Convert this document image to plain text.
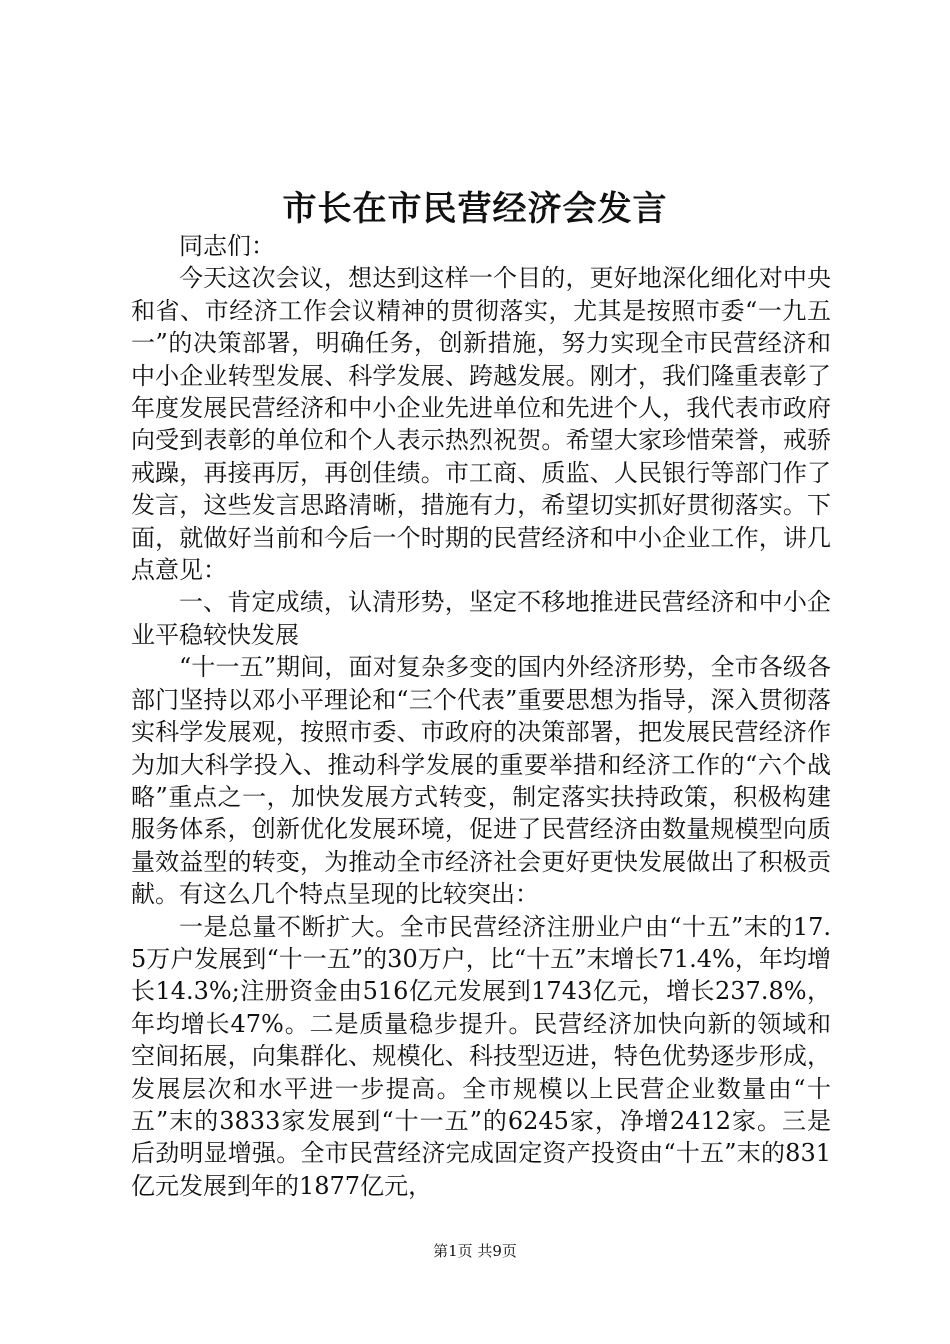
市长在市民营经济会发言

同志们：

今天这次会议，想达到这样一个目的，更好地深化细化对中央和省、市经济工作会议精神的贯彻落实，尤其是按照市委“一九五一”的决策部署，明确任务，创新措施，努力实现全市民营经济和中小企业转型发展、科学发展、跨越发展。刚才，我们隆重表彰了年度发展民营经济和中小企业先进单位和先进个人，我代表市政府向受到表彰的单位和个人表示热烈祝贺。希望大家珍惜荣誉，戒骄戒躁，再接再厉，再创佳绩。市工商、质监、人民银行等部门作了发言，这些发言思路清晰，措施有力，希望切实抓好贯彻落实。下面，就做好当前和今后一个时期的民营经济和中小企业工作，讲几点意见：

一、肯定成绩，认清形势，坚定不移地推进民营经济和中小企业平稳较快发展

“十一五”期间，面对复杂多变的国内外经济形势，全市各级各部门坚持以邓小平理论和“三个代表”重要思想为指导，深入贯彻落实科学发展观，按照市委、市政府的决策部署，把发展民营经济作为加大科学投入、推动科学发展的重要举措和经济工作的“六个战略”重点之一，加快发展方式转变，制定落实扶持政策，积极构建服务体系，创新优化发展环境，促进了民营经济由数量规模型向质量效益型的转变，为推动全市经济社会更好更快发展做出了积极贡献。有这么几个特点呈现的比较突出：

一是总量不断扩大。全市民营经济注册业户由“十五”末的17.5万户发展到“十一五”的30万户，比“十五”末增长71.4%，年均增长14.3%;注册资金由516亿元发展到1743亿元，增长237.8%，年均增长47%。二是质量稳步提升。民营经济加快向新的领域和空间拓展，向集群化、规模化、科技型迈进，特色优势逐步形成，发展层次和水平进一步提高。全市规模以上民营企业数量由“十五”末的3833家发展到“十一五”的6245家，净增2412家。三是后劲明显增强。全市民营经济完成固定资产投资由“十五”末的831亿元发展到年的1877亿元，

第1页 共9页
